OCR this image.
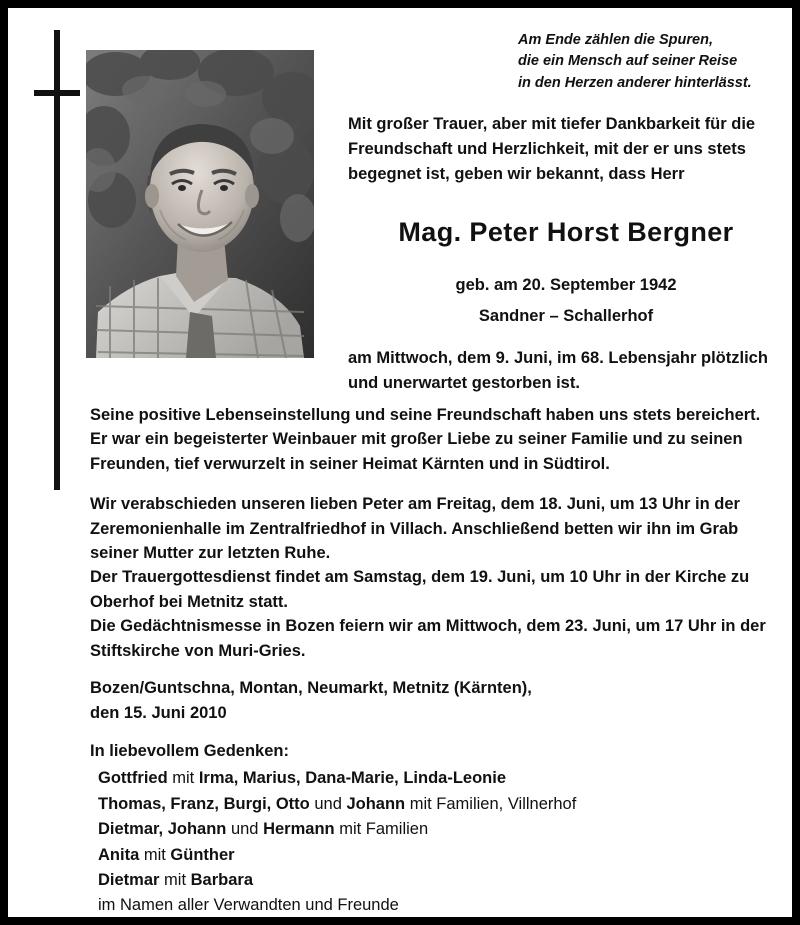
Am Ende zählen die Spuren,
die ein Mensch auf seiner Reise
in den Herzen anderer hinterlässt.
Mit großer Trauer, aber mit tiefer Dankbarkeit für die Freundschaft und Herzlichkeit, mit der er uns stets begegnet ist, geben wir bekannt, dass Herr
Mag. Peter Horst Bergner
geb. am 20. September 1942
Sandner – Schallerhof
am Mittwoch, dem 9. Juni, im 68. Lebensjahr plötzlich und unerwartet gestorben ist.

Seine positive Lebenseinstellung und seine Freundschaft haben uns stets bereichert.

Er war ein begeisterter Weinbauer mit großer Liebe zu seiner Familie und zu seinen Freunden, tief verwurzelt in seiner Heimat Kärnten und in Südtirol.

Wir verabschieden unseren lieben Peter am Freitag, dem 18. Juni, um 13 Uhr in der Zeremonienhalle im Zentralfriedhof in Villach. Anschließend betten wir ihn im Grab seiner Mutter zur letzten Ruhe.

Der Trauergottesdienst findet am Samstag, dem 19. Juni, um 10 Uhr in der Kirche zu Oberhof bei Metnitz statt.

Die Gedächtnismesse in Bozen feiern wir am Mittwoch, dem 23. Juni, um 17 Uhr in der Stiftskirche von Muri-Gries.

Bozen/Guntschna, Montan, Neumarkt, Metnitz (Kärnten),
den 15. Juni 2010
In liebevollem Gedenken:
Gottfried mit Irma, Marius, Dana-Marie, Linda-Leonie
Thomas, Franz, Burgi, Otto und Johann mit Familien, Villnerhof
Dietmar, Johann und Hermann mit Familien
Anita mit Günther
Dietmar mit Barbara
im Namen aller Verwandten und Freunde
